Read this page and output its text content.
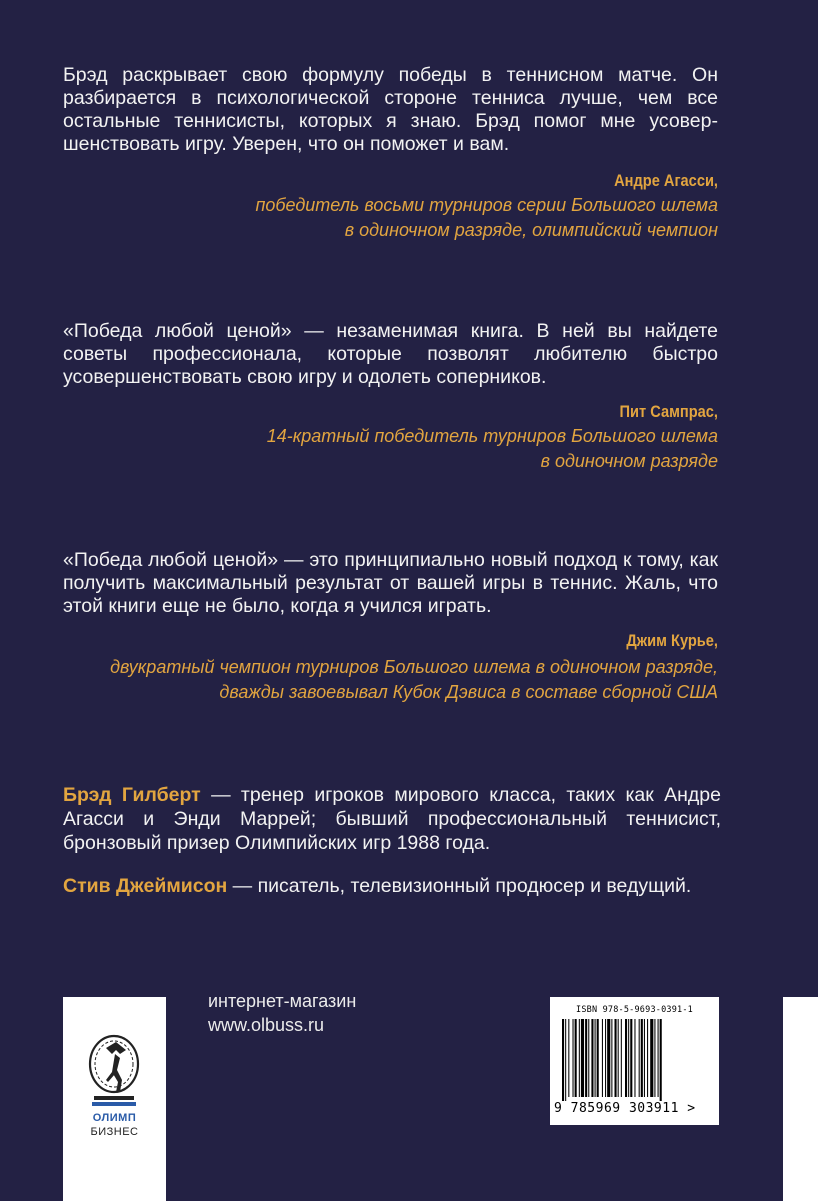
Брэд раскрывает свою формулу победы в теннисном матче. Он разбирается в психологической стороне тенниса лучше, чем все остальные теннисисты, которых я знаю. Брэд помог мне усовершенствовать игру. Уверен, что он поможет и вам.
Андре Агасси,
победитель восьми турниров серии Большого шлема
в одиночном разряде, олимпийский чемпион
«Победа любой ценой» — незаменимая книга. В ней вы найдете советы профессионала, которые позволят любителю быстро усовершенствовать свою игру и одолеть соперников.
Пит Сампрас,
14-кратный победитель турниров Большого шлема
в одиночном разряде
«Победа любой ценой» — это принципиально новый подход к тому, как получить максимальный результат от вашей игры в теннис. Жаль, что этой книги еще не было, когда я учился играть.
Джим Курье,
двукратный чемпион турниров Большого шлема в одиночном разряде,
дважды завоевывал Кубок Дэвиса в составе сборной США
Брэд Гилберт — тренер игроков мирового класса, таких как Андре Агасси и Энди Маррей; бывший профессиональный теннисист, бронзовый призер Олимпийских игр 1988 года.
Стив Джеймисон — писатель, телевизионный продюсер и ведущий.
ОЛИМП
БИЗНЕС
интернет-магазин
www.olbuss.ru
ISBN 978-5-9693-0391-1
9 785969 303911 >
